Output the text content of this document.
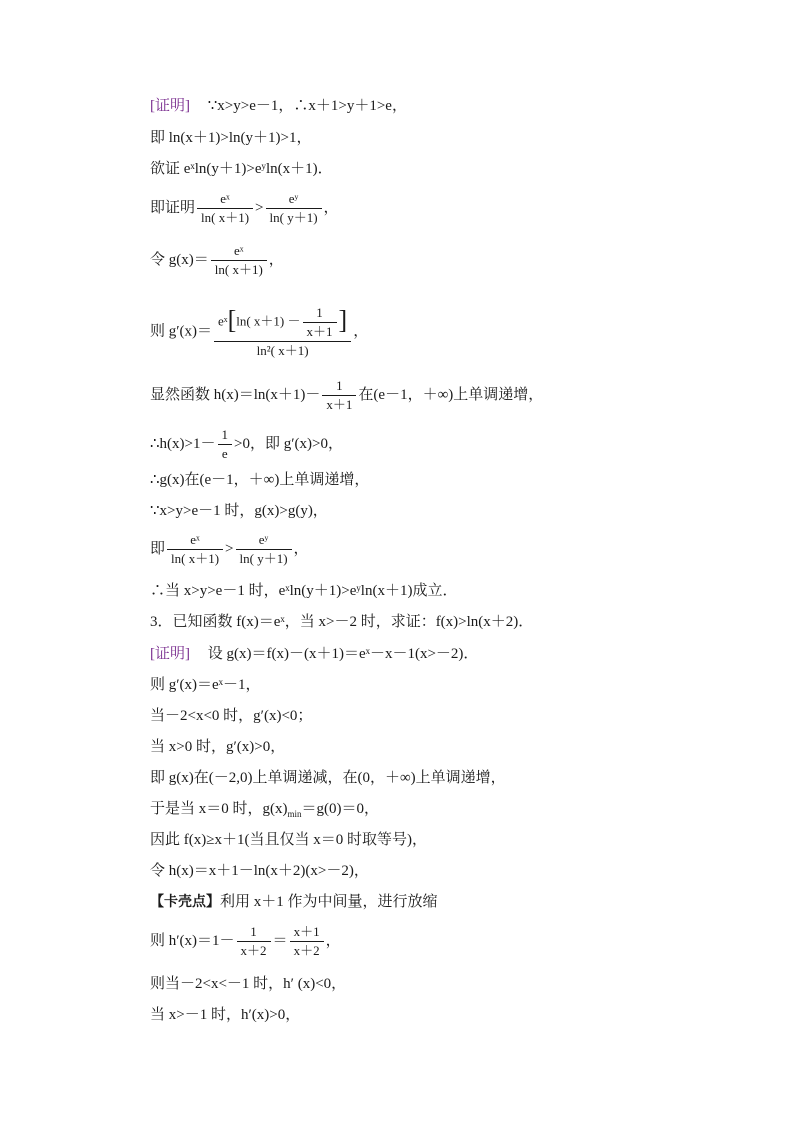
[证明] ∵x>y>e－1，∴x＋1>y＋1>e，
即 ln(x＋1)>ln(y＋1)>1，
欲证 eˣln(y＋1)>eʸln(x＋1)．
即证明 $\frac{\text{eˣ}}{\ln( x+1)} > \frac{\text{eʸ}}{\ln( y+1)}$ ，
令 $g(x)= \frac{\text{eˣ}}{\ln( x+1)}$ ，
则 $g'(x)= \frac{eˣ[\ln( x+1) - \frac{1}{x+1} ]}{\text{ln²( x＋1)}}$ ，
显然函数 $h(x)=\ln(x+1)- \frac{1}{x+1}$ 在(e－1，＋∞)上单调递增，
∴h(x)>1－ $\frac{1}{e} >0$，即 g′(x)>0，
∴g(x)在(e－1，＋∞)上单调递增，
∵x>y>e－1 时，g(x)>g(y)，
即 $\frac{\text{eˣ}}{\ln( x+1)} > \frac{\text{eʸ}}{\ln( y+1)}$ ，
∴当 x>y>e－1 时，eˣln(y＋1)>eʸln(x＋1)成立．
3．已知函数 f(x)＝eˣ，当 x>－2 时，求证：f(x)>ln(x＋2)．
[证明] 设 g(x)＝f(x)－(x＋1)＝eˣ－x－1(x>－2)．
则 g′(x)＝eˣ－1，
当－2<x<0 时，g′(x)<0；
当 x>0 时，g′(x)>0，
即 g(x)在(－2,0)上单调递减，在(0，＋∞)上单调递增，
于是当 x＝0 时，$g(x)_{min}=g(0)=0$，
因此 f(x)≥x＋1(当且仅当 x＝0 时取等号)，
令 h(x)＝x＋1－ln(x＋2)(x>－2)，
【卡壳点】利用 x＋1 作为中间量，进行放缩
则 $h'(x)=1- \frac{1}{x+2} = \frac{x+1}{x+2}$ ，
则当－2<x<－1 时，h′ (x)<0，
当 x>－1 时，h′(x)>0，
